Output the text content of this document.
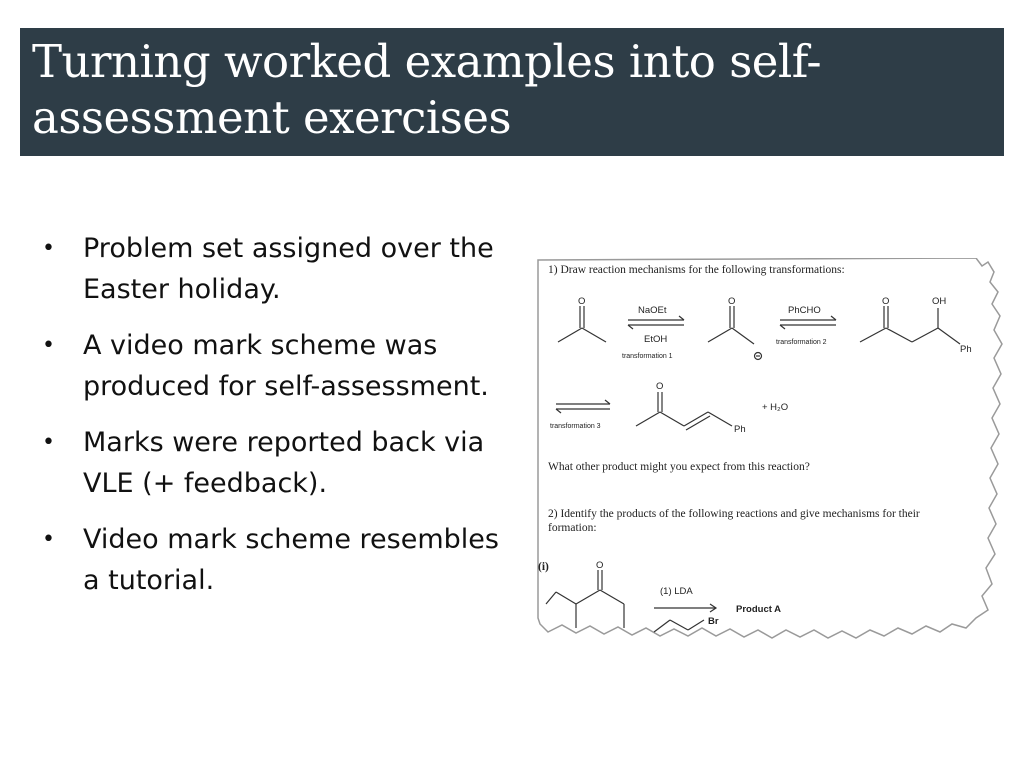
Turning worked examples into self-assessment exercises
• Problem set assigned over the Easter holiday.
• A video mark scheme was produced for self-assessment.
• Marks were reported back via VLE (+ feedback).
• Video mark scheme resembles a tutorial.
1) Draw reaction mechanisms for the following transformations:
O
NaOEt
EtOH
transformation 1
O
PhCHO
transformation 2
O	OH
Ph
transformation 3
O
Ph
+ H₂O
What other product might you expect from this reaction?
2) Identify the products of the following reactions and give mechanisms for their
formation:
(i)	O
(1) LDA
Product A
Br
